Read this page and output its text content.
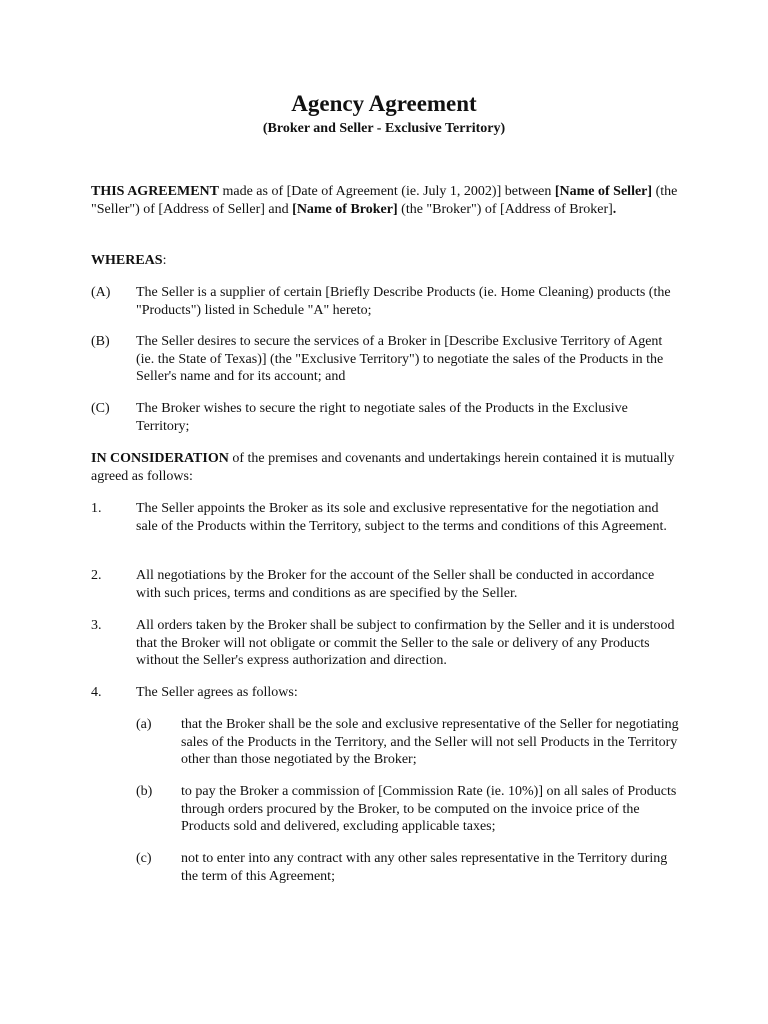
Agency Agreement
(Broker and Seller - Exclusive Territory)

THIS AGREEMENT made as of [Date of Agreement (ie. July 1, 2002)] between [Name of Seller] (the "Seller") of [Address of Seller] and [Name of Broker] (the "Broker") of [Address of Broker].

WHEREAS:

(A) The Seller is a supplier of certain [Briefly Describe Products (ie. Home Cleaning) products (the "Products") listed in Schedule "A" hereto;
(B) The Seller desires to secure the services of a Broker in [Describe Exclusive Territory of Agent (ie. the State of Texas)] (the "Exclusive Territory") to negotiate the sales of the Products in the Seller's name and for its account; and
(C) The Broker wishes to secure the right to negotiate sales of the Products in the Exclusive Territory;

IN CONSIDERATION of the premises and covenants and undertakings herein contained it is mutually agreed as follows:

1. The Seller appoints the Broker as its sole and exclusive representative for the negotiation and sale of the Products within the Territory, subject to the terms and conditions of this Agreement.
2. All negotiations by the Broker for the account of the Seller shall be conducted in accordance with such prices, terms and conditions as are specified by the Seller.
3. All orders taken by the Broker shall be subject to confirmation by the Seller and it is understood that the Broker will not obligate or commit the Seller to the sale or delivery of any Products without the Seller's express authorization and direction.
4. The Seller agrees as follows:
(a) that the Broker shall be the sole and exclusive representative of the Seller for negotiating sales of the Products in the Territory, and the Seller will not sell Products in the Territory other than those negotiated by the Broker;
(b) to pay the Broker a commission of [Commission Rate (ie. 10%)] on all sales of Products through orders procured by the Broker, to be computed on the invoice price of the Products sold and delivered, excluding applicable taxes;
(c) not to enter into any contract with any other sales representative in the Territory during the term of this Agreement;
